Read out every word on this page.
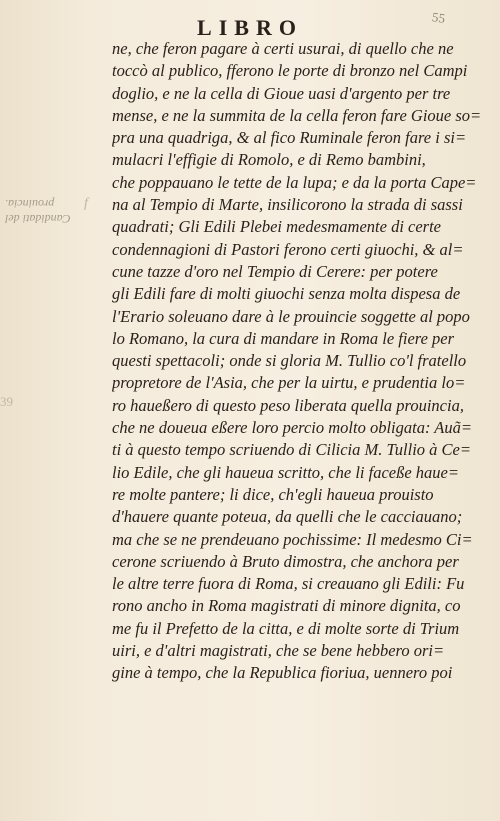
LIBRO	55
Candidati del prouincia.	f
39
ne, che feron pagare à certi usurai, di quello che ne
toccò al publico, fferono le porte di bronzo nel Campi
doglio, e ne la cella di Gioue uasi d'argento per tre
mense, e ne la summita de la cella feron fare Gioue so=
pra una quadriga, & al fico Ruminale feron fare i si=
mulacri l'effigie di Romolo, e di Remo bambini,
che poppauano le tette de la lupa; e da la porta Cape=
na al Tempio di Marte, insilicorono la strada di sassi
quadrati; Gli Edili Plebei medesmamente di certe
condennagioni di Pastori ferono certi giuochi, & al=
cune tazze d'oro nel Tempio di Cerere: per potere
gli Edili fare di molti giuochi senza molta dispesa de
l'Erario soleuano dare à le prouincie soggette al popo
lo Romano, la cura di mandare in Roma le fiere per
questi spettacoli; onde si gloria M. Tullio co'l fratello
propretore de l'Asia, che per la uirtu, e prudentia lo=
ro haueßero di questo peso liberata quella prouincia,
che ne doueua eßere loro percio molto obligata: Auã=
ti à questo tempo scriuendo di Cilicia M. Tullio à Ce=
lio Edile, che gli haueua scritto, che li faceße haue=
re molte pantere; li dice, ch'egli haueua prouisto
d'hauere quante poteua, da quelli che le cacciauano;
ma che se ne prendeuano pochissime: Il medesmo Ci=
cerone scriuendo à Bruto dimostra, che anchora per
le altre terre fuora di Roma, si creauano gli Edili: Fu
rono ancho in Roma magistrati di minore dignita, co
me fu il Prefetto de la citta, e di molte sorte di Trium
uiri, e d'altri magistrati, che se bene hebbero ori=
gine à tempo, che la Republica fioriua, uennero poi
